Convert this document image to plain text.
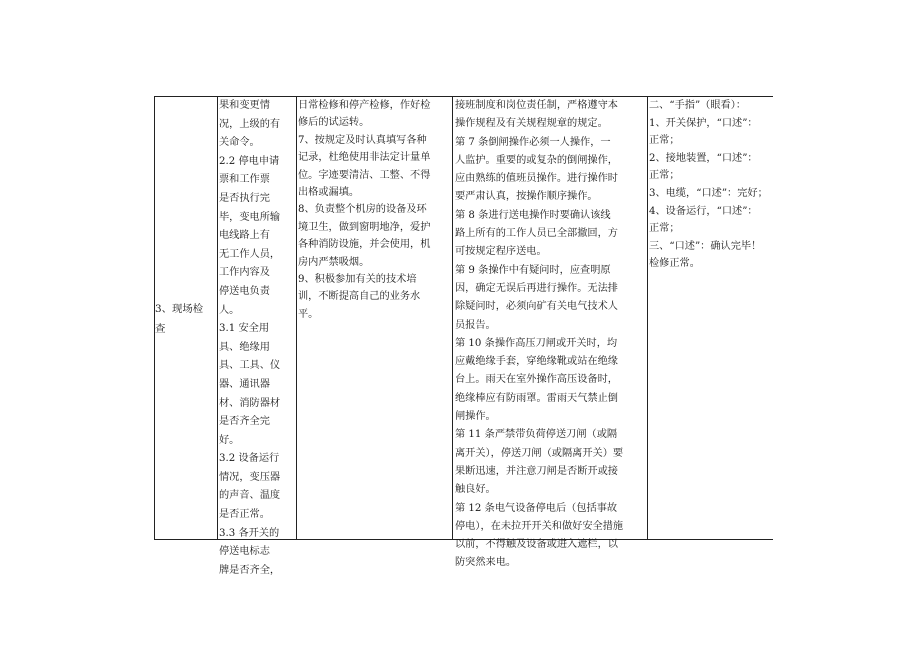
3、现场检
查
果和变更情
况，上级的有
关命令。
2.2 停电申请
票和工作票
是否执行完
毕，变电所输
电线路上有
无工作人员，
工作内容及
停送电负责
人。
3.1 安全用
具、绝缘用
具、工具、仪
器、通讯器
材、消防器材
是否齐全完
好。
3.2 设备运行
情况，变压器
的声音、温度
是否正常。
3.3 各开关的
停送电标志
牌是否齐全，
日常检修和停产检修，作好检
修后的试运转。
7、按规定及时认真填写各种
记录，杜绝使用非法定计量单
位。字迹要清洁、工整、不得
出格或漏填。
8、负责整个机房的设备及环
境卫生，做到窗明地净，爱护
各种消防设施，并会使用，机
房内严禁吸烟。
9、积极参加有关的技术培
训，不断提高自己的业务水
平。
接班制度和岗位责任制，严格遵守本
操作规程及有关规程规章的规定。
第 7 条倒闸操作必须一人操作，一
人监护。重要的或复杂的倒闸操作，
应由熟练的值班员操作。进行操作时
要严肃认真，按操作顺序操作。
第 8 条进行送电操作时要确认该线
路上所有的工作人员已全部撤回，方
可按规定程序送电。
第 9 条操作中有疑问时，应查明原
因，确定无误后再进行操作。无法排
除疑问时，必须向矿有关电气技术人
员报告。
第 10 条操作高压刀闸或开关时，均
应戴绝缘手套，穿绝缘靴或站在绝缘
台上。雨天在室外操作高压设备时，
绝缘棒应有防雨罩。雷雨天气禁止倒
闸操作。
第 11 条严禁带负荷停送刀闸（或隔
离开关），停送刀闸（或隔离开关）要
果断迅速，并注意刀闸是否断开或接
触良好。
第 12 条电气设备停电后（包括事故
停电），在未拉开开关和做好安全措施
以前，不得触及设备或进入遮栏，以
防突然来电。
二、“手指”（眼看）：
1、开关保护，“口述”：
正常；
2、接地装置，“口述”：
正常；
3、电缆，“口述”：完好；
4、设备运行，“口述”：
正常；
三、“口述”：确认完毕！
检修正常。
